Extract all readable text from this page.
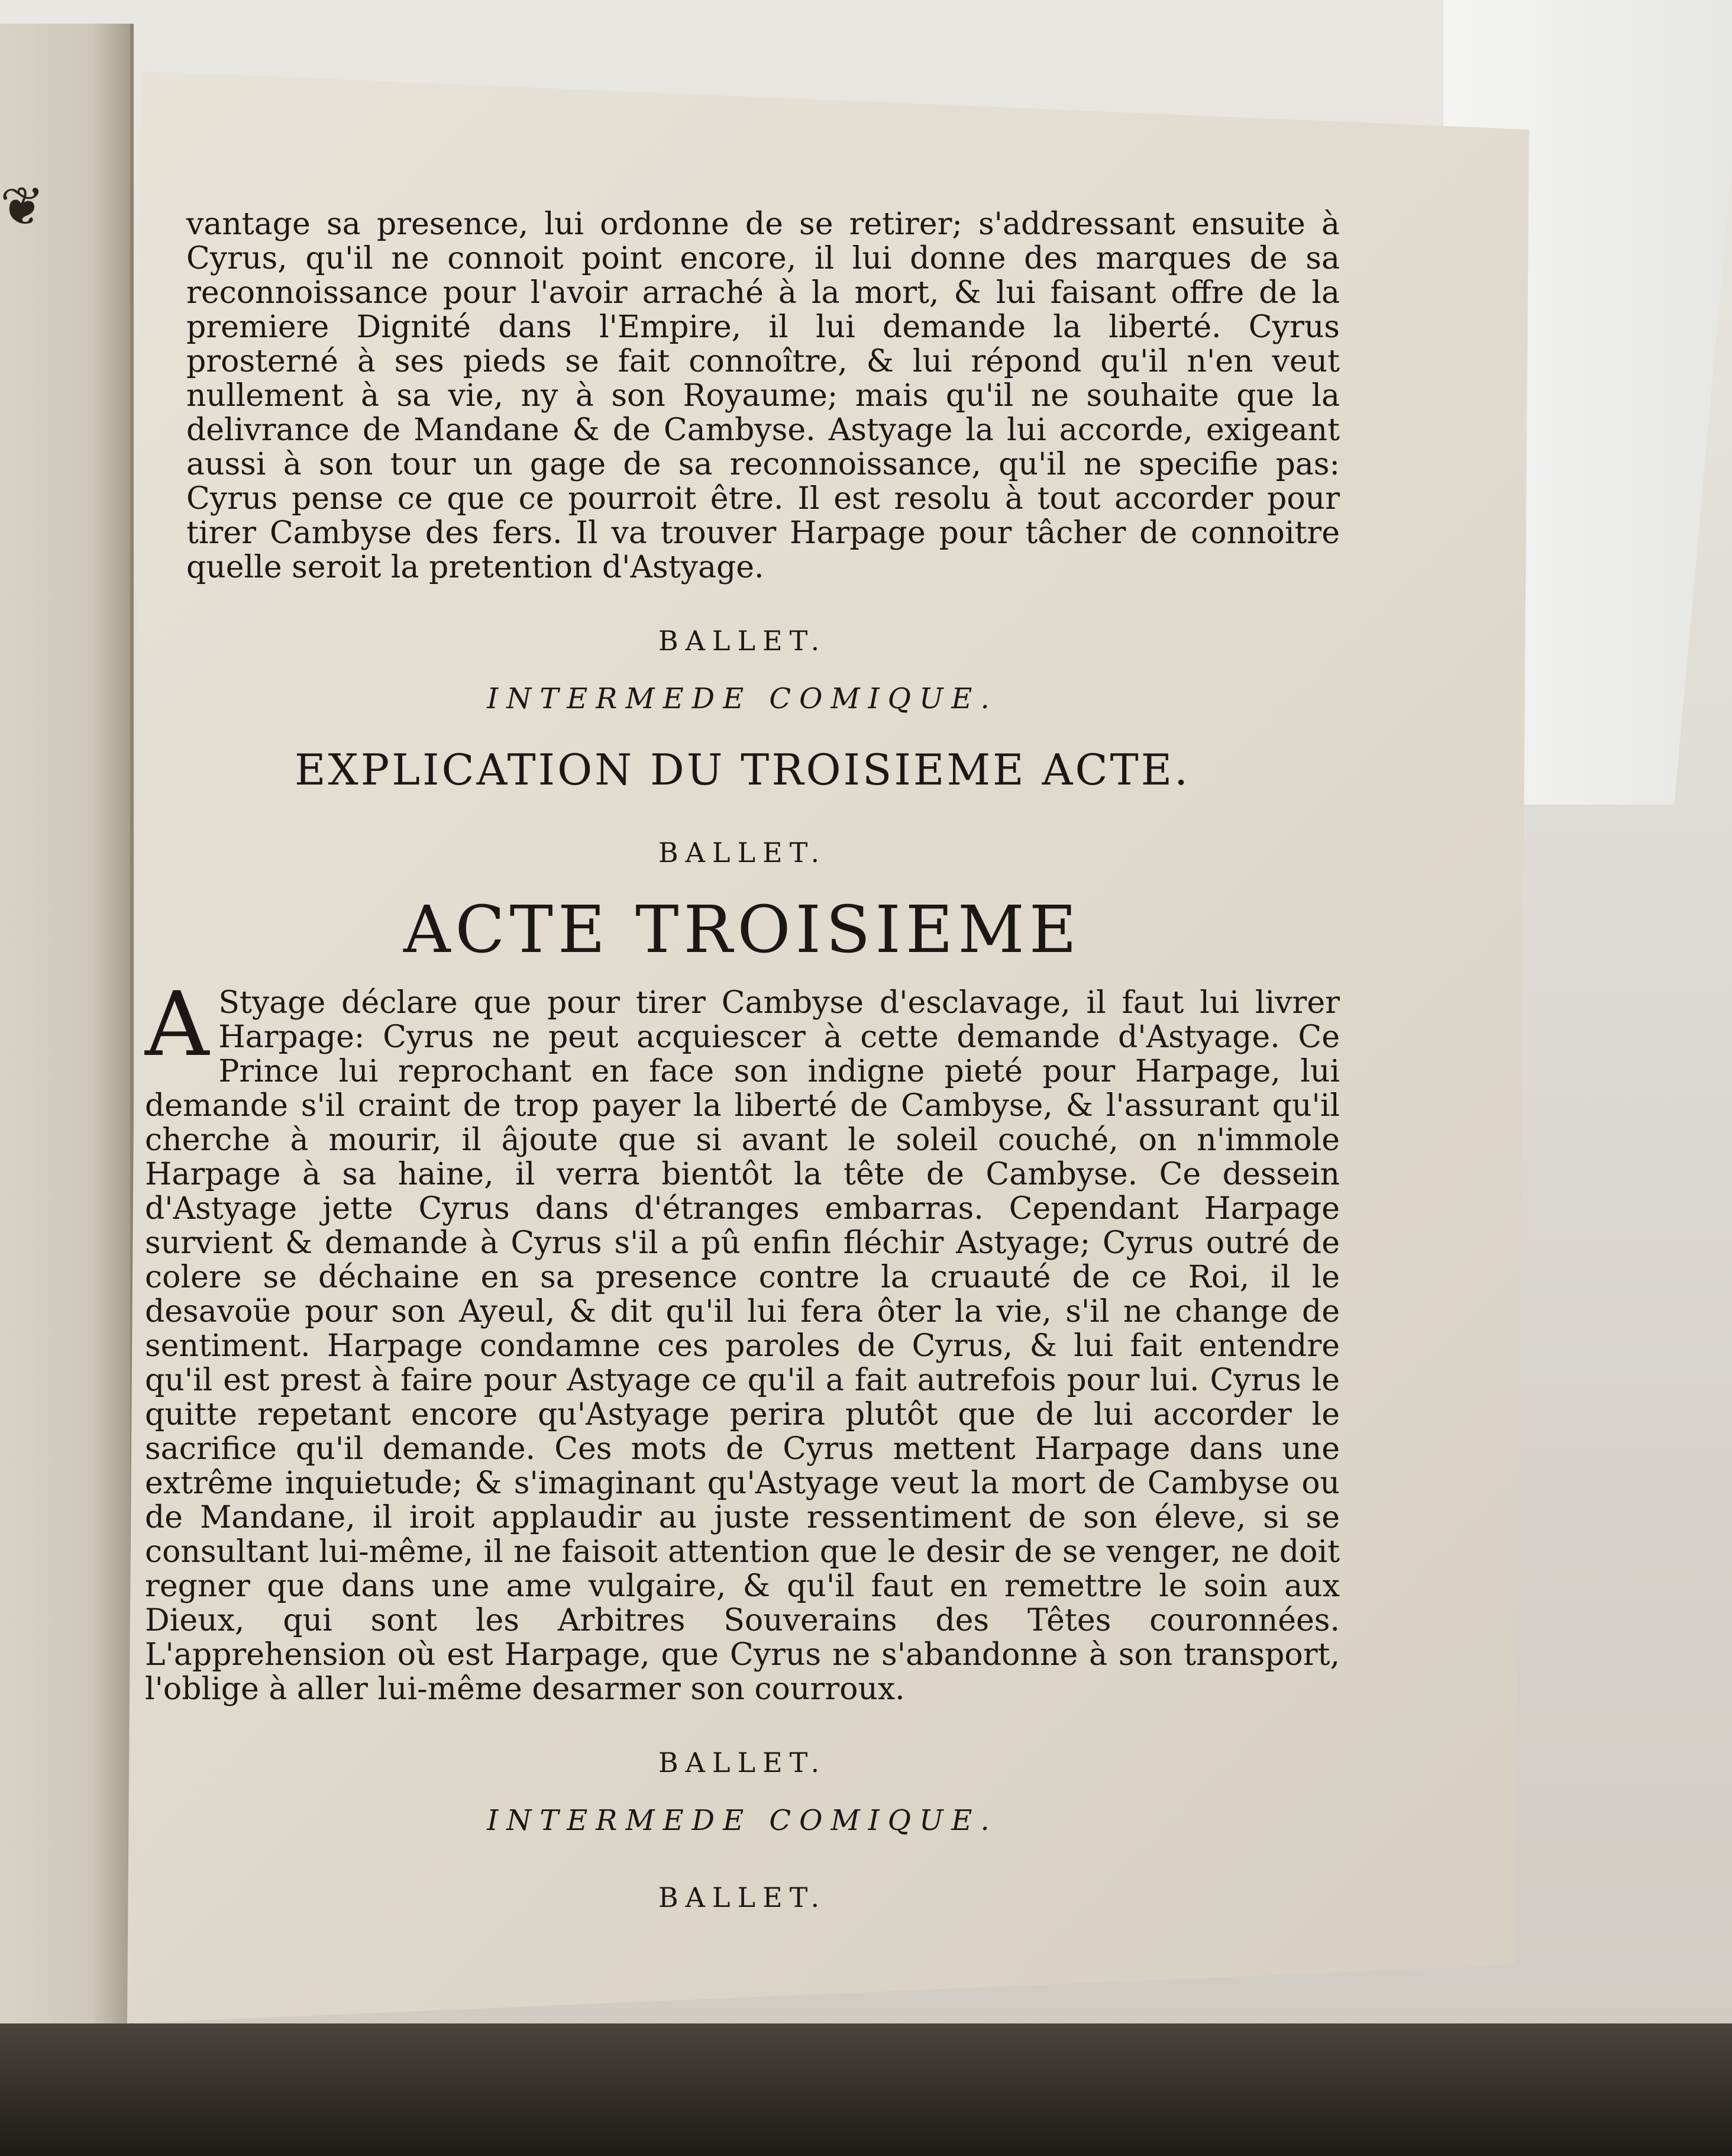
❦	vantage sa presence, lui ordonne de se retirer; s'addressant ensuite à Cyrus, qu'il ne connoit point encore, il lui donne des marques de sa reconnoissance pour l'avoir arraché à la mort, & lui faisant offre de la premiere Dignité dans l'Empire, il lui demande la liberté. Cyrus prosterné à ses pieds se fait connoître, & lui répond qu'il n'en veut nullement à sa vie, ny à son Royaume; mais qu'il ne souhaite que la delivrance de Mandane & de Cambyse. Astyage la lui accorde, exigeant aussi à son tour un gage de sa reconnoissance, qu'il ne specifie pas: Cyrus pense ce que ce pourroit être. Il est resolu à tout accorder pour tirer Cambyse des fers. Il va trouver Harpage pour tâcher de connoitre quelle seroit la pretention d'Astyage.

BALLET.
INTERMEDE COMIQUE.
EXPLICATION DU TROISIEME ACTE.
BALLET.
ACTE TROISIEME
A Styage déclare que pour tirer Cambyse d'esclavage, il faut lui livrer Harpage: Cyrus ne peut acquiescer à cette demande d'Astyage. Ce Prince lui reprochant en face son indigne pieté pour Harpage, lui demande s'il craint de trop payer la liberté de Cambyse, & l'assurant qu'il cherche à mourir, il âjoute que si avant le soleil couché, on n'immole Harpage à sa haine, il verra bientôt la tête de Cambyse. Ce dessein d'Astyage jette Cyrus dans d'étranges embarras. Cependant Harpage survient & demande à Cyrus s'il a pû enfin fléchir Astyage; Cyrus outré de colere se déchaine en sa presence contre la cruauté de ce Roi, il le desavoüe pour son Ayeul, & dit qu'il lui fera ôter la vie, s'il ne change de sentiment. Harpage condamne ces paroles de Cyrus, & lui fait entendre qu'il est prest à faire pour Astyage ce qu'il a fait autrefois pour lui. Cyrus le quitte repetant encore qu'Astyage perira plutôt que de lui accorder le sacrifice qu'il demande. Ces mots de Cyrus mettent Harpage dans une extrême inquietude; & s'imaginant qu'Astyage veut la mort de Cambyse ou de Mandane, il iroit applaudir au juste ressentiment de son éleve, si se consultant lui-même, il ne faisoit attention que le desir de se venger, ne doit regner que dans une ame vulgaire, & qu'il faut en remettre le soin aux Dieux, qui sont les Arbitres Souverains des Têtes couronnées. L'apprehension où est Harpage, que Cyrus ne s'abandonne à son transport, l'oblige à aller lui-même desarmer son courroux.

BALLET.
INTERMEDE COMIQUE.
BALLET.
